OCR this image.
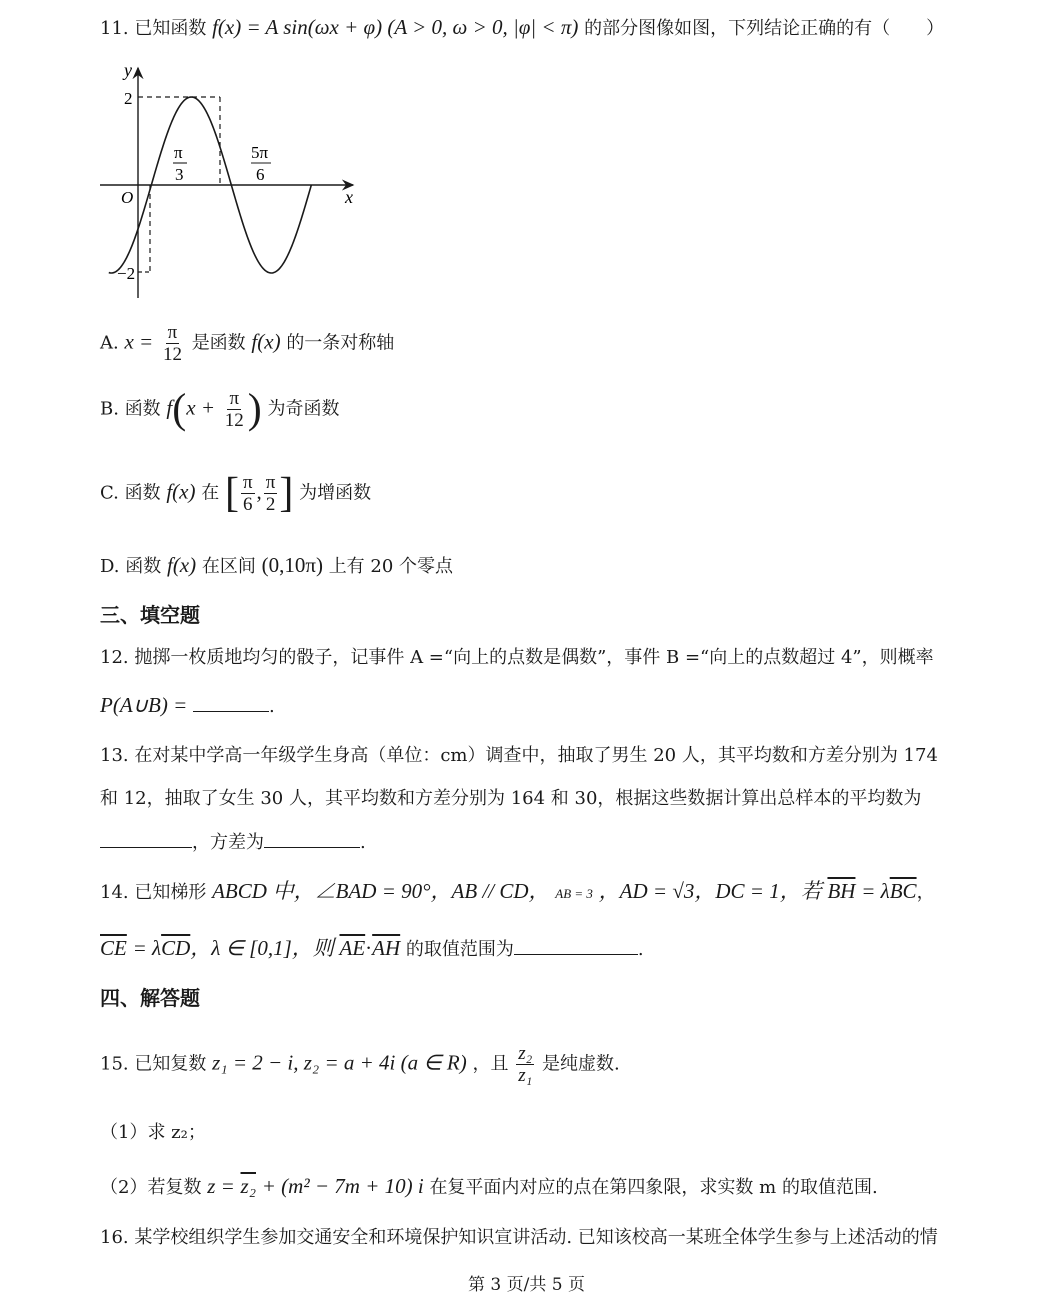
11. 已知函数 f(x) = A sin(ωx + φ) (A > 0, ω > 0, |φ| < π) 的部分图像如图，下列结论正确的有（　　）
y
x
O
2
−2
π
3
5π
6
A. $x = \frac{\pi}{12}$ 是函数 f(x) 的一条对称轴
B. 函数 $f(x + \frac{\pi}{12}$ ) 为奇函数
C. 函数 f(x) 在 [ $\frac{\pi}{6}$ , $\frac{\pi}{2}$ ] 为增函数
D. 函数 f(x) 在区间 (0,10π) 上有 20 个零点
三、填空题
12. 抛掷一枚质地均匀的骰子，记事件 A =“向上的点数是偶数”，事件 B =“向上的点数超过 4”，则概率
P(A∪B) =	.
13. 在对某中学高一年级学生身高（单位：cm）调查中，抽取了男生 20 人，其平均数和方差分别为 174
和 12，抽取了女生 30 人，其平均数和方差分别为 164 和 30，根据这些数据计算出总样本的平均数为
，方差为	.
14. 已知梯形 ABCD 中，∠BAD = 90°，AB // CD， AB = 3 ，AD = √3，DC = 1，若 $\overline{BH} = \lambda\overline{BC}$，
$\overline{CE} = \lambda\overline{CD}$，λ ∈ [0,1]，则 $\overline{AE}\cdot\overline{AH}$ 的取值范围为	.
四、解答题
15. 已知复数 z₁ = 2 − i, z₂ = a + 4i (a ∈ R) ，且 $\frac{\text{z₂}}{\text{z₁}}$ 是纯虚数.
（1）求 z₂；
（2）若复数 z = z₂ + (m² − 7m + 10) i 在复平面内对应的点在第四象限，求实数 m 的取值范围.
16. 某学校组织学生参加交通安全和环境保护知识宣讲活动. 已知该校高一某班全体学生参与上述活动的情
第 3 页/共 5 页
